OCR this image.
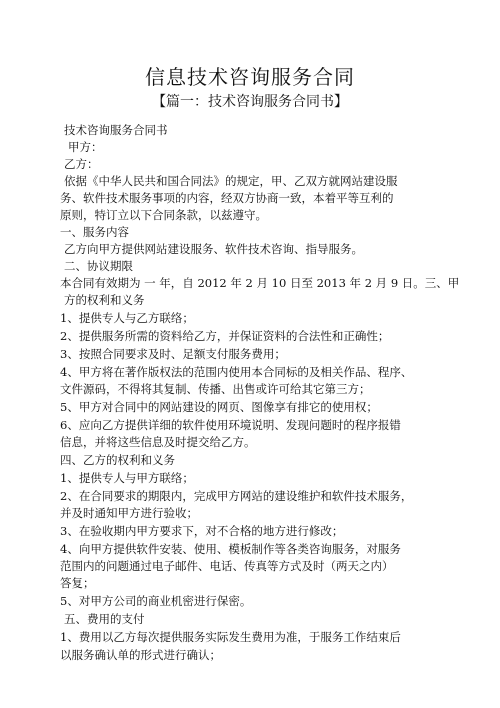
信息技术咨询服务合同
【篇一：技术咨询服务合同书】
技术咨询服务合同书
甲方：
乙方：
依据《中华人民共和国合同法》的规定，甲、乙双方就网站建设服
务、软件技术服务事项的内容，经双方协商一致，本着平等互利的
原则，特订立以下合同条款，以兹遵守。
一、服务内容
乙方向甲方提供网站建设服务、软件技术咨询、指导服务。
二、协议期限
本合同有效期为 一 年，自 2012 年 2 月 10 日至 2013 年 2 月 9 日。三、甲
方的权利和义务
1、提供专人与乙方联络；
2、提供服务所需的资料给乙方，并保证资料的合法性和正确性；
3、按照合同要求及时、足额支付服务费用；
4、甲方将在著作版权法的范围内使用本合同标的及相关作品、程序、
文件源码，不得将其复制、传播、出售或许可给其它第三方；
5、甲方对合同中的网站建设的网页、图像享有排它的使用权；
6、应向乙方提供详细的软件使用环境说明、发现问题时的程序报错
信息，并将这些信息及时提交给乙方。
四、乙方的权利和义务
1、提供专人与甲方联络；
2、在合同要求的期限内，完成甲方网站的建设维护和软件技术服务，
并及时通知甲方进行验收；
3、在验收期内甲方要求下，对不合格的地方进行修改；
4、向甲方提供软件安装、使用、模板制作等各类咨询服务，对服务
范围内的问题通过电子邮件、电话、传真等方式及时（两天之内）
答复；
5、对甲方公司的商业机密进行保密。
五、费用的支付
1、费用以乙方每次提供服务实际发生费用为准，于服务工作结束后
以服务确认单的形式进行确认；
